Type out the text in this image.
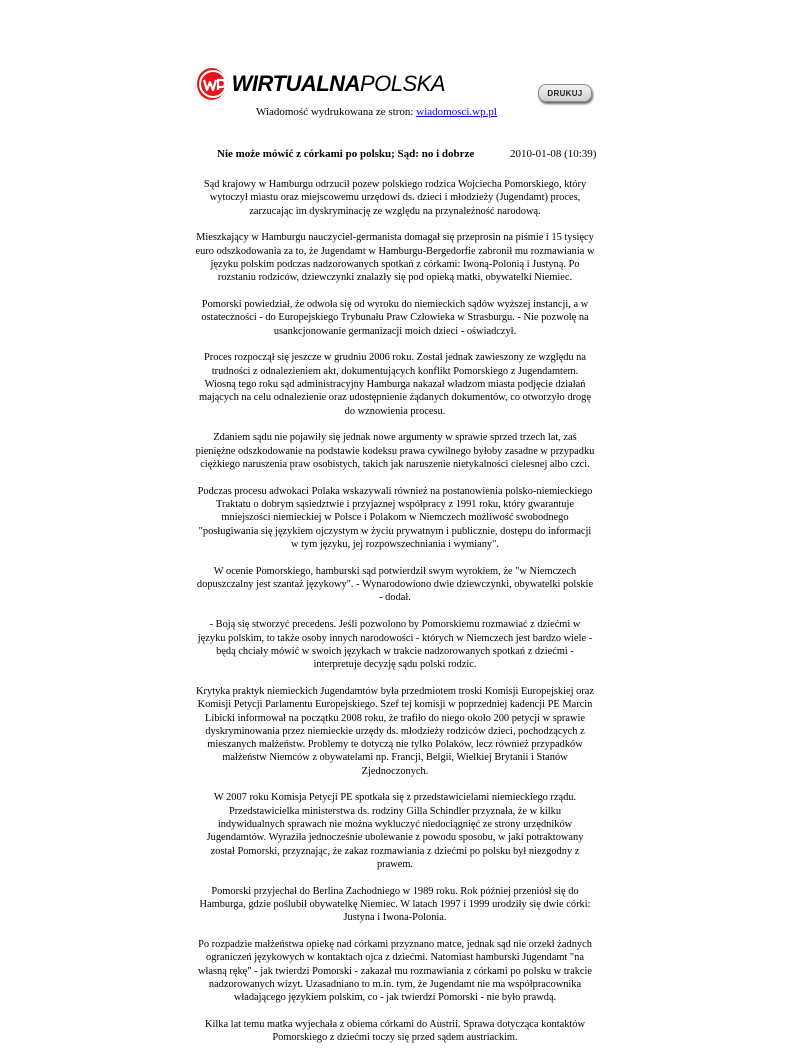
WIRTUALNAPOLSKA	DRUKUJ
Wiadomość wydrukowana ze stron: wiadomosci.wp.pl
Nie może mówić z córkami po polsku; Sąd: no i dobrze	2010-01-08 (10:39)

Sąd krajowy w Hamburgu odrzucił pozew polskiego rodzica Wojciecha Pomorskiego, który wytoczył miastu oraz miejscowemu urzędowi ds. dzieci i młodzieży (Jugendamt) proces, zarzucając im dyskryminację ze względu na przynależność narodową.

Mieszkający w Hamburgu nauczyciel-germanista domagał się przeprosin na piśmie i 15 tysięcy euro odszkodowania za to, że Jugendamt w Hamburgu-Bergedorfie zabronił mu rozmawiania w języku polskim podczas nadzorowanych spotkań z córkami: Iwoną-Polonią i Justyną. Po rozstaniu rodziców, dziewczynki znalazły się pod opieką matki, obywatelki Niemiec.

Pomorski powiedział, że odwoła się od wyroku do niemieckich sądów wyższej instancji, a w ostateczności - do Europejskiego Trybunału Praw Człowieka w Strasburgu. - Nie pozwolę na usankcjonowanie germanizacji moich dzieci - oświadczył.

Proces rozpoczął się jeszcze w grudniu 2006 roku. Został jednak zawieszony ze względu na trudności z odnalezieniem akt, dokumentujących konflikt Pomorskiego z Jugendamtem. Wiosną tego roku sąd administracyjny Hamburga nakazał władzom miasta podjęcie działań mających na celu odnalezienie oraz udostępnienie żądanych dokumentów, co otworzyło drogę do wznowienia procesu.

Zdaniem sądu nie pojawiły się jednak nowe argumenty w sprawie sprzed trzech lat, zaś pieniężne odszkodowanie na podstawie kodeksu prawa cywilnego byłoby zasadne w przypadku ciężkiego naruszenia praw osobistych, takich jak naruszenie nietykalności cielesnej albo czci.

Podczas procesu adwokaci Polaka wskazywali również na postanowienia polsko-niemieckiego Traktatu o dobrym sąsiedztwie i przyjaznej współpracy z 1991 roku, który gwarantuje mniejszości niemieckiej w Polsce i Polakom w Niemczech możliwość swobodnego "posługiwania się językiem ojczystym w życiu prywatnym i publicznie, dostępu do informacji w tym języku, jej rozpowszechniania i wymiany".

W ocenie Pomorskiego, hamburski sąd potwierdził swym wyrokiem, że "w Niemczech dopuszczalny jest szantaż językowy". - Wynarodowiono dwie dziewczynki, obywatelki polskie - dodał.

- Boją się stworzyć precedens. Jeśli pozwolono by Pomorskiemu rozmawiać z dziećmi w języku polskim, to także osoby innych narodowości - których w Niemczech jest bardzo wiele - będą chciały mówić w swoich językach w trakcie nadzorowanych spotkań z dziećmi - interpretuje decyzję sądu polski rodzic.

Krytyka praktyk niemieckich Jugendamtów była przedmiotem troski Komisji Europejskiej oraz Komisji Petycji Parlamentu Europejskiego. Szef tej komisji w poprzedniej kadencji PE Marcin Libicki informował na początku 2008 roku, że trafiło do niego około 200 petycji w sprawie dyskryminowania przez niemieckie urzędy ds. młodzieży rodziców dzieci, pochodzących z mieszanych małżeństw. Problemy te dotyczą nie tylko Polaków, lecz również przypadków małżeństw Niemców z obywatelami np. Francji, Belgii, Wielkiej Brytanii i Stanów Zjednoczonych.

W 2007 roku Komisja Petycji PE spotkała się z przedstawicielami niemieckiego rządu. Przedstawicielka ministerstwa ds. rodziny Gilla Schindler przyznała, że w kilku indywidualnych sprawach nie można wykluczyć niedociągnięć ze strony urzędników Jugendamtów. Wyraziła jednocześnie ubolewanie z powodu sposobu, w jaki potraktowany został Pomorski, przyznając, że zakaz rozmawiania z dziećmi po polsku był niezgodny z prawem.

Pomorski przyjechał do Berlina Zachodniego w 1989 roku. Rok później przeniósł się do Hamburga, gdzie poślubił obywatelkę Niemiec. W latach 1997 i 1999 urodziły się dwie córki: Justyna i Iwona-Polonia.

Po rozpadzie małżeństwa opiekę nad córkami przyznano matce, jednak sąd nie orzekł żadnych ograniczeń językowych w kontaktach ojca z dziećmi. Natomiast hamburski Jugendamt "na własną rękę" - jak twierdzi Pomorski - zakazał mu rozmawiania z córkami po polsku w trakcie nadzorowanych wizyt. Uzasadniano to m.in. tym, że Jugendamt nie ma współpracownika władającego językiem polskim, co - jak twierdzi Pomorski - nie było prawdą.

Kilka lat temu matka wyjechała z obiema córkami do Austrii. Sprawa dotycząca kontaktów Pomorskiego z dziećmi toczy się przed sądem austriackim.
